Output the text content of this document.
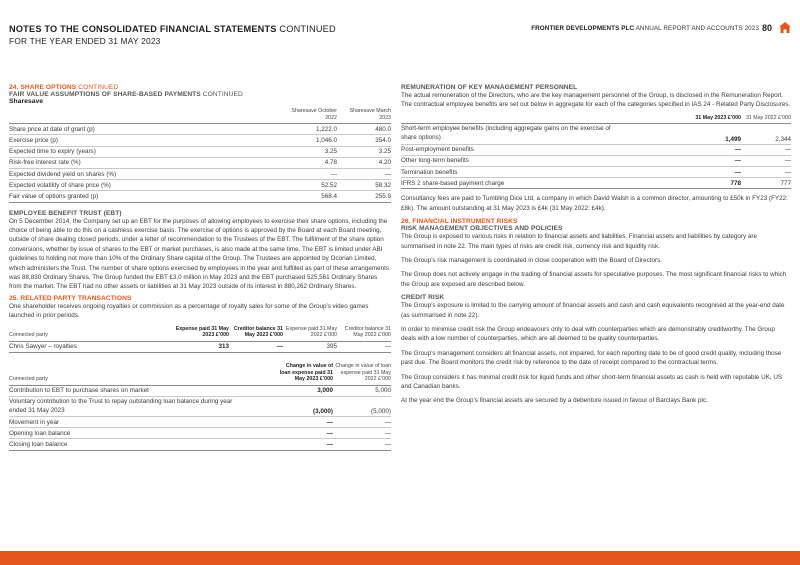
NOTES TO THE CONSOLIDATED FINANCIAL STATEMENTS CONTINUED
FOR THE YEAR ENDED 31 MAY 2023
FRONTIER DEVELOPMENTS PLC ANNUAL REPORT AND ACCOUNTS 2023 80
24. SHARE OPTIONS CONTINUED
FAIR VALUE ASSUMPTIONS OF SHARE-BASED PAYMENTS CONTINUED
Sharesave
	Sharesave October 2022	Sharesave March 2023
Share price at date of grant (p)	1,222.0	480.0
Exercise price (p)	1,046.0	354.0
Expected time to expiry (years)	3.25	3.25
Risk-free interest rate (%)	4.78	4.20
Expected dividend yield on shares (%)	—	—
Expected volatility of share price (%)	52.52	58.32
Fair value of options granted (p)	568.4	255.9
EMPLOYEE BENEFIT TRUST (EBT)
On 5 December 2014, the Company set up an EBT for the purposes of allowing employees to exercise their share options, including the choice of being able to do this on a cashless exercise basis. The exercise of options is approved by the Board at each Board meeting, outside of share dealing closed periods, under a letter of recommendation to the Trustees of the EBT. The fulfilment of the share option conversions, whether by issue of shares to the EBT or market purchases, is also made at the same time. The EBT is limited under ABI guidelines to holding not more than 10% of the Ordinary Share capital of the Group. The Trustees are appointed by Ocorian Limited, which administers the Trust. The number of share options exercised by employees in the year and fulfilled as part of these arrangements was 88,830 Ordinary Shares. The Group funded the EBT £3.0 million in May 2023 and the EBT purchased 525,561 Ordinary Shares from the market. The EBT had no other assets or liabilities at 31 May 2023 outside of its interest in 880,262 Ordinary Shares.
25. RELATED PARTY TRANSACTIONS
One shareholder receives ongoing royalties or commission as a percentage of royalty sales for some of the Group’s video games launched in prior periods.
Connected party	Expense paid 31 May 2023 £’000	Creditor balance 31 May 2023 £’000	Expense paid 31 May 2022 £’000	Creditor balance 31 May 2022 £’000
Chris Sawyer – royalties	313	—	395	—
Connected party	Change in value of loan expense paid 31 May 2023 £’000	Change in value of loan expense paid 31 May 2022 £’000
Contribution to EBT to purchase shares on market	3,000	5,000
Voluntary contribution to the Trust to repay outstanding loan balance during year ended 31 May 2023	(3,000)	(5,000)
Movement in year	—	—
Opening loan balance	—	—
Closing loan balance	—	—
REMUNERATION OF KEY MANAGEMENT PERSONNEL
The actual remuneration of the Directors, who are the key management personnel of the Group, is disclosed in the Remuneration Report. The contractual employee benefits are set out below in aggregate for each of the categories specified in IAS 24 - Related Party Disclosures.
	31 May 2023 £’000	31 May 2022 £’000
Short-term employee benefits (including aggregate gains on the exercise of share options)	1,499	2,344
Post-employment benefits	—	—
Other long-term benefits	—	—
Termination benefits	—	—
IFRS 2 share-based payment charge	778	777
Consultancy fees are paid to Tumbling Dice Ltd, a company in which David Walsh is a common director, amounting to £50k in FY23 (FY22: £8k). The amount outstanding at 31 May 2023 is £4k (31 May 2022: £4k).
26. FINANCIAL INSTRUMENT RISKS
RISK MANAGEMENT OBJECTIVES AND POLICIES
The Group is exposed to various risks in relation to financial assets and liabilities. Financial assets and liabilities by category are summarised in note 22. The main types of risks are credit risk, currency risk and liquidity risk.
The Group’s risk management is coordinated in close cooperation with the Board of Directors.
The Group does not actively engage in the trading of financial assets for speculative purposes. The most significant financial risks to which the Group are exposed are described below.
CREDIT RISK
The Group’s exposure is limited to the carrying amount of financial assets and cash and cash equivalents recognised at the year-end date (as summarised in note 22).
In order to minimise credit risk the Group endeavours only to deal with counterparties which are demonstrably creditworthy. The Group deals with a low number of counterparties, which are all deemed to be quality counterparties.
The Group’s management considers all financial assets, not impaired, for each reporting date to be of good credit quality, including those past due. The Board monitors the credit risk by reference to the date of receipt compared to the contractual terms.
The Group considers it has minimal credit risk for liquid funds and other short-term financial assets as cash is held with reputable UK, US and Canadian banks.
At the year end the Group’s financial assets are secured by a debenture issued in favour of Barclays Bank plc.
